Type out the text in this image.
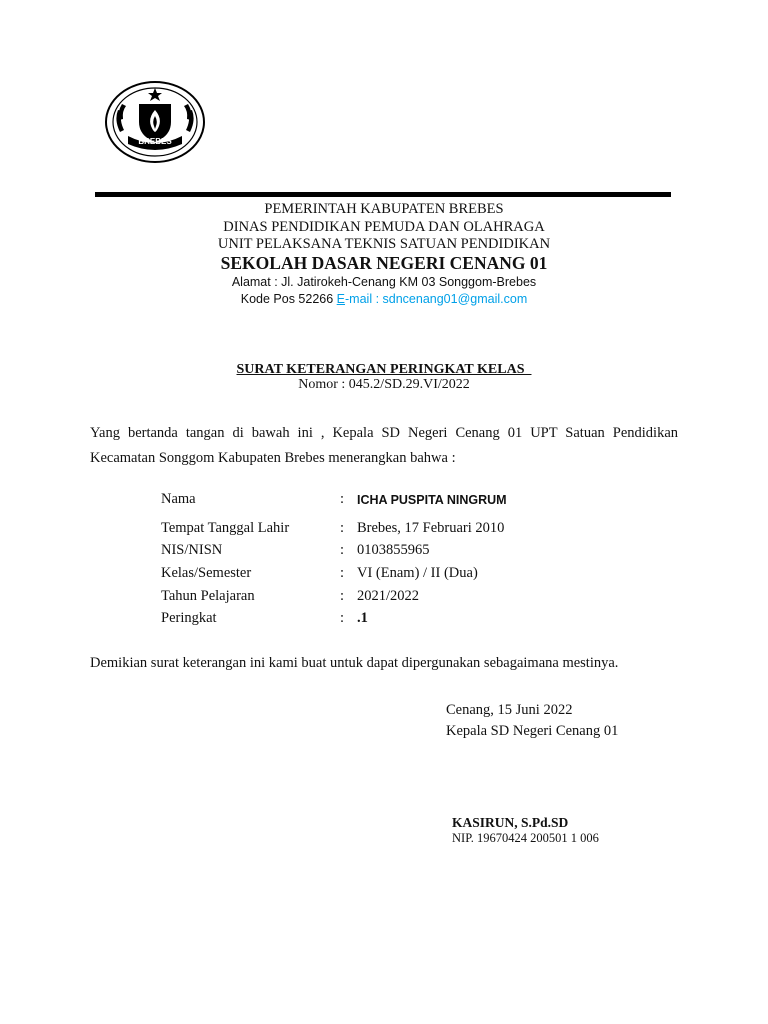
BREBES
PEMERINTAH KABUPATEN BREBES
DINAS PENDIDIKAN PEMUDA DAN OLAHRAGA
UNIT PELAKSANA TEKNIS SATUAN PENDIDIKAN
SEKOLAH DASAR NEGERI CENANG 01
Alamat : Jl. Jatirokeh-Cenang KM 03 Songgom-Brebes
Kode Pos 52266 E-mail : sdncenang01@gmail.com
SURAT KETERANGAN PERINGKAT KELAS
Nomor : 045.2/SD.29.VI/2022
Yang bertanda tangan di bawah ini , Kepala SD Negeri Cenang 01 UPT Satuan Pendidikan Kecamatan Songgom Kabupaten Brebes menerangkan bahwa :
Nama	: ICHA PUSPITA NINGRUM
Tempat Tanggal Lahir	: Brebes, 17 Februari 2010
NIS/NISN	: 0103855965
Kelas/Semester	: VI (Enam) / II (Dua)
Tahun Pelajaran	: 2021/2022
Peringkat	: .1
Demikian surat keterangan ini kami buat untuk dapat dipergunakan sebagaimana mestinya.
Cenang, 15 Juni 2022
Kepala SD Negeri Cenang 01
KASIRUN, S.Pd.SD
NIP. 19670424 200501 1 006
